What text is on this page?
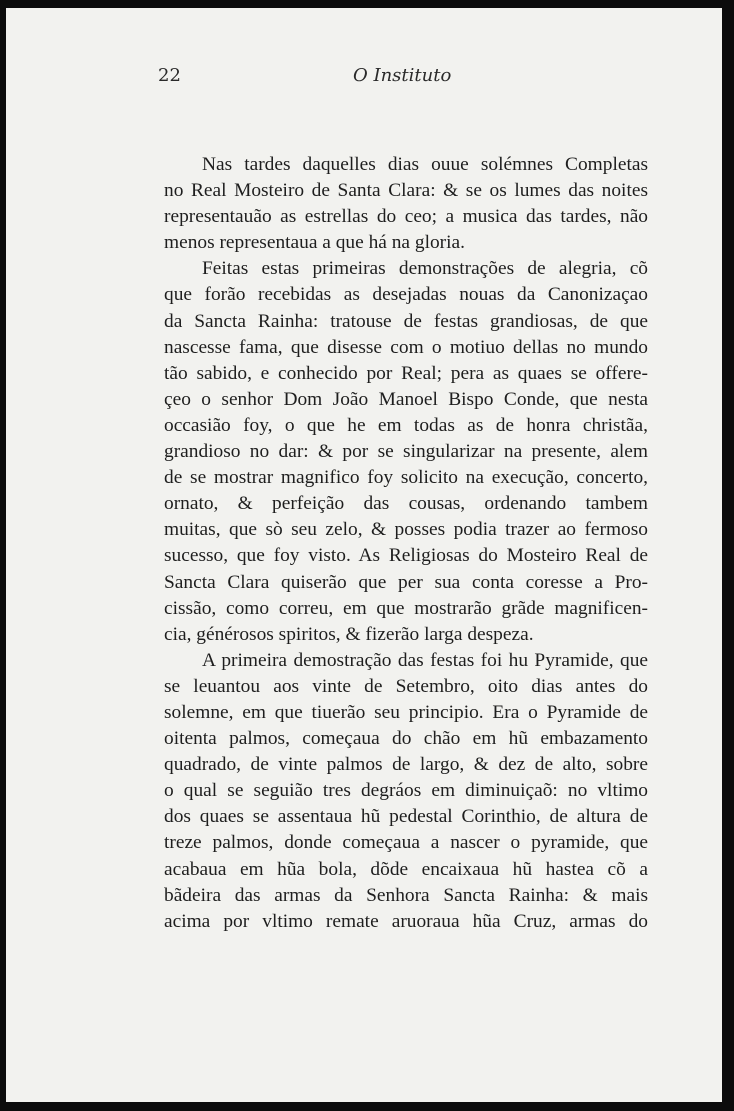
22	O Instituto

Nas tardes daquelles dias ouue solémnes Completas
no Real Mosteiro de Santa Clara: & se os lumes das noites
representauão as estrellas do ceo; a musica das tardes, não
menos representaua a que há na gloria.

Feitas estas primeiras demonstrações de alegria, cõ
que forão recebidas as desejadas nouas da Canonizaçao
da Sancta Rainha: tratouse de festas grandiosas, de que
nascesse fama, que disesse com o motiuo dellas no mundo
tão sabido, e conhecido por Real; pera as quaes se offere-
çeo o senhor Dom João Manoel Bispo Conde, que nesta
occasião foy, o que he em todas as de honra christãa,
grandioso no dar: & por se singularizar na presente, alem
de se mostrar magnifico foy solicito na execução, concerto,
ornato, & perfeição das cousas, ordenando tambem
muitas, que sò seu zelo, & posses podia trazer ao fermoso
sucesso, que foy visto. As Religiosas do Mosteiro Real de
Sancta Clara quiserão que per sua conta coresse a Pro-
cissão, como correu, em que mostrarão grãde magnificen-
cia, générosos spiritos, & fizerão larga despeza.

A primeira demostração das festas foi hu Pyramide, que
se leuantou aos vinte de Setembro, oito dias antes do
solemne, em que tiuerão seu principio. Era o Pyramide de
oitenta palmos, começaua do chão em hũ embazamento
quadrado, de vinte palmos de largo, & dez de alto, sobre
o qual se seguião tres degráos em diminuiçaõ: no vltimo
dos quaes se assentaua hũ pedestal Corinthio, de altura de
treze palmos, donde começaua a nascer o pyramide, que
acabaua em hũa bola, dõde encaixaua hũ hastea cõ a
bãdeira das armas da Senhora Sancta Rainha: & mais
acima por vltimo remate aruoraua hũa Cruz, armas do
